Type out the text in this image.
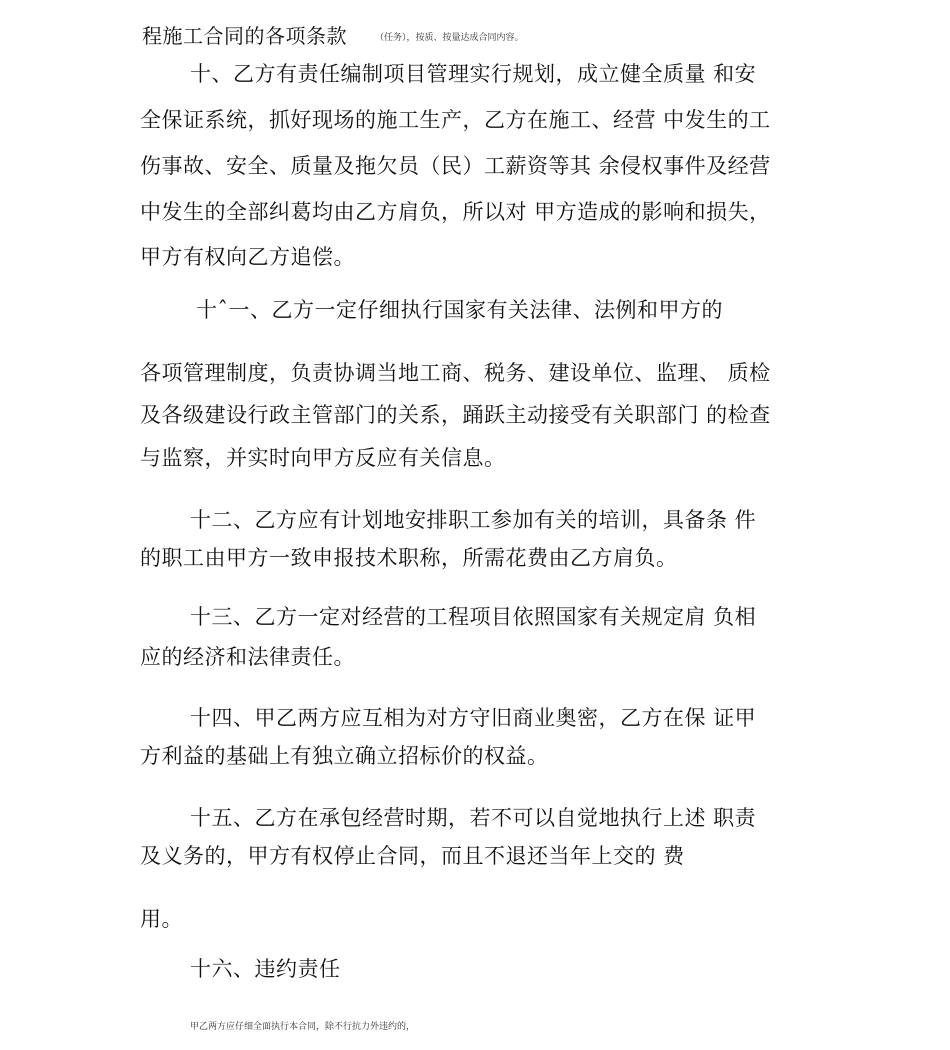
程施工合同的各项条款	（任务），按质、按量达成合同内容。
十、乙方有责任编制项目管理实行规划，成立健全质量 和安
全保证系统，抓好现场的施工生产，乙方在施工、经营 中发生的工
伤事故、安全、质量及拖欠员（民）工薪资等其 余侵权事件及经营
中发生的全部纠葛均由乙方肩负，所以对 甲方造成的影响和损失，
甲方有权向乙方追偿。
十ˆ一、乙方一定仔细执行国家有关法律、法例和甲方的
各项管理制度，负责协调当地工商、税务、建设单位、监理、 质检
及各级建设行政主管部门的关系，踊跃主动接受有关职部门 的检查
与监察，并实时向甲方反应有关信息。
十二、乙方应有计划地安排职工参加有关的培训，具备条 件
的职工由甲方一致申报技术职称，所需花费由乙方肩负。
十三、乙方一定对经营的工程项目依照国家有关规定肩 负相
应的经济和法律责任。
十四、甲乙两方应互相为对方守旧商业奥密，乙方在保 证甲
方利益的基础上有独立确立招标价的权益。
十五、乙方在承包经营时期，若不可以自觉地执行上述 职责
及义务的，甲方有权停止合同，而且不退还当年上交的 费
用。
十六、违约责任
甲乙两方应仔细全面执行本合同，除不行抗力外违约的，
